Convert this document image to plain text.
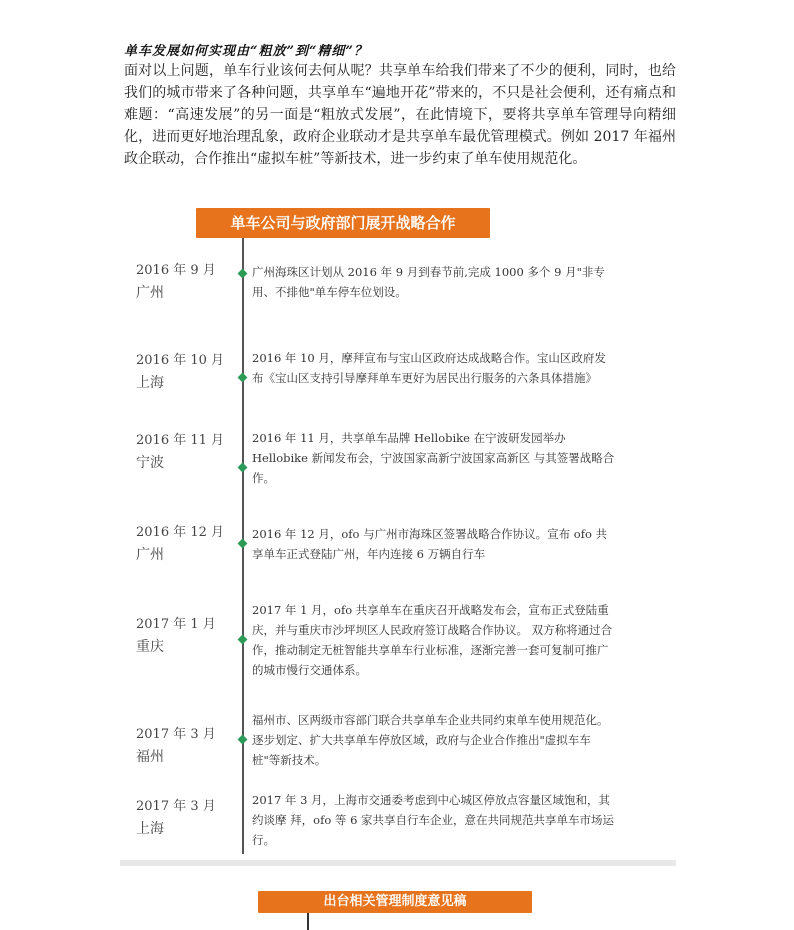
单车发展如何实现由“粗放”到“精细”？
面对以上问题，单车行业该何去何从呢？共享单车给我们带来了不少的便利，同时，也给我们的城市带来了各种问题，共享单车“遍地开花”带来的，不只是社会便利，还有痛点和难题：“高速发展”的另一面是“粗放式发展”，在此情境下，要将共享单车管理导向精细化，进而更好地治理乱象，政府企业联动才是共享单车最优管理模式。例如 2017 年福州政企联动，合作推出“虚拟车桩”等新技术，进一步约束了单车使用规范化。
单车公司与政府部门展开战略合作
2016 年 9 月
广州
广州海珠区计划从 2016 年 9 月到春节前,完成 1000 多个 9 月"非专用、不排他"单车停车位划设。
2016 年 10 月
上海
2016 年 10 月，摩拜宣布与宝山区政府达成战略合作。宝山区政府发布《宝山区支持引导摩拜单车更好为居民出行服务的六条具体措施》
2016 年 11 月
宁波
2016 年 11 月，共享单车品牌 Hellobike 在宁波研发园举办 Hellobike 新闻发布会，宁波国家高新宁波国家高新区 与其签署战略合作。
2016 年 12 月
广州
2016 年 12 月，ofo 与广州市海珠区签署战略合作协议。宣布 ofo 共享单车正式登陆广州，年内连接 6 万辆自行车
2017 年 1 月
重庆
2017 年 1 月，ofo 共享单车在重庆召开战略发布会，宣布正式登陆重庆，并与重庆市沙坪坝区人民政府签订战略合作协议。 双方称将通过合作，推动制定无桩智能共享单车行业标准，逐渐完善一套可复制可推广的城市慢行交通体系。
2017 年 3 月
福州
福州市、区两级市容部门联合共享单车企业共同约束单车使用规范化。逐步划定、扩大共享单车停放区域，政府与企业合作推出"虚拟车车桩"等新技术。
2017 年 3 月
上海
2017 年 3 月，上海市交通委考虑到中心城区停放点容量区域饱和，其约谈摩 拜，ofo 等 6 家共享自行车企业，意在共同规范共享单车市场运行。
出台相关管理制度意见稿
